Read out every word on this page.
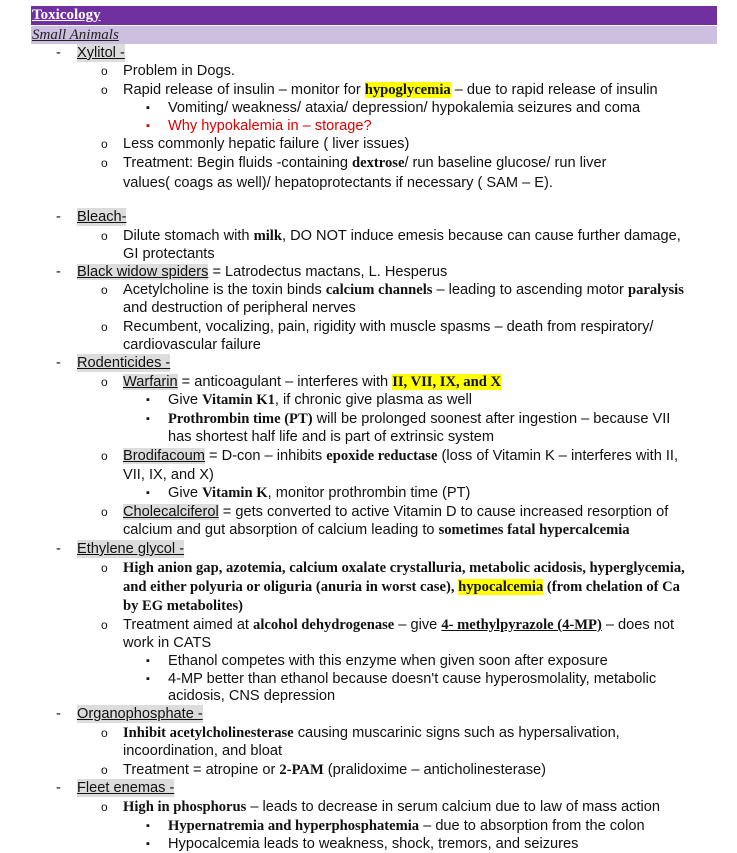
Toxicology
Small Animals
- Xylitol -
o Problem in Dogs.
o Rapid release of insulin – monitor for hypoglycemia – due to rapid release of insulin
▪ Vomiting/ weakness/ ataxia/ depression/ hypokalemia seizures and coma
▪ Why hypokalemia in – storage?
o Less commonly hepatic failure ( liver issues)
o Treatment: Begin fluids -containing dextrose/ run baseline glucose/ run liver
values( coags as well)/ hepatoprotectants if necessary ( SAM – E).
- Bleach-
o Dilute stomach with milk, DO NOT induce emesis because can cause further damage,
GI protectants
- Black widow spiders = Latrodectus mactans, L. Hesperus
o Acetylcholine is the toxin binds calcium channels – leading to ascending motor paralysis
and destruction of peripheral nerves
o Recumbent, vocalizing, pain, rigidity with muscle spasms – death from respiratory/
cardiovascular failure
- Rodenticides -
o Warfarin = anticoagulant – interferes with II, VII, IX, and X
▪ Give Vitamin K1, if chronic give plasma as well
▪ Prothrombin time (PT) will be prolonged soonest after ingestion – because VII
has shortest half life and is part of extrinsic system
o Brodifacoum = D-con – inhibits epoxide reductase (loss of Vitamin K – interferes with II,
VII, IX, and X)
▪ Give Vitamin K, monitor prothrombin time (PT)
o Cholecalciferol = gets converted to active Vitamin D to cause increased resorption of
calcium and gut absorption of calcium leading to sometimes fatal hypercalcemia
- Ethylene glycol -
o High anion gap, azotemia, calcium oxalate crystalluria, metabolic acidosis, hyperglycemia,
and either polyuria or oliguria (anuria in worst case), hypocalcemia (from chelation of Ca
by EG metabolites)
o Treatment aimed at alcohol dehydrogenase – give 4- methylpyrazole (4-MP) – does not
work in CATS
▪ Ethanol competes with this enzyme when given soon after exposure
▪ 4-MP better than ethanol because doesn't cause hyperosmolality, metabolic
acidosis, CNS depression
- Organophosphate -
o Inhibit acetylcholinesterase causing muscarinic signs such as hypersalivation,
incoordination, and bloat
o Treatment = atropine or 2-PAM (pralidoxime – anticholinesterase)
- Fleet enemas -
o High in phosphorus – leads to decrease in serum calcium due to law of mass action
▪ Hypernatremia and hyperphosphatemia – due to absorption from the colon
▪ Hypocalcemia leads to weakness, shock, tremors, and seizures
